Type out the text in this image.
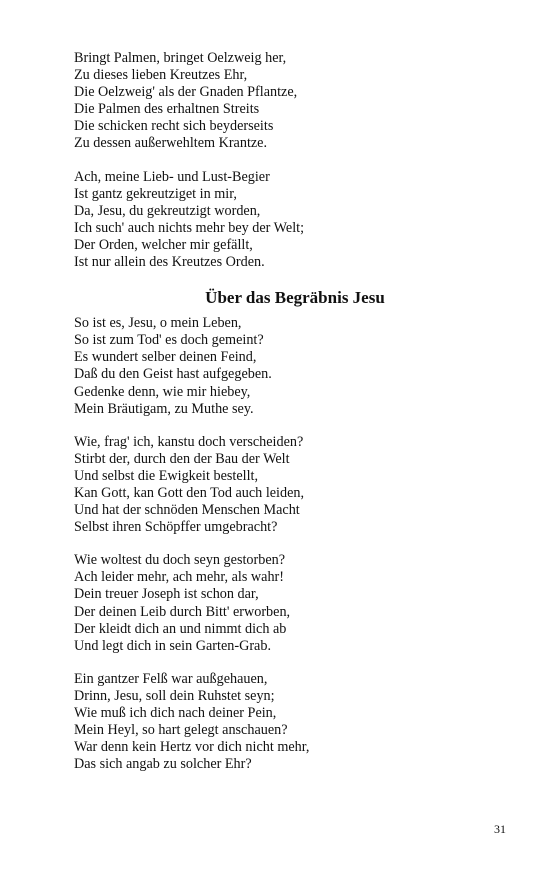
Bringt Palmen, bringet Oelzweig her,
Zu dieses lieben Kreutzes Ehr,
Die Oelzweig' als der Gnaden Pflantze,
Die Palmen des erhaltnen Streits
Die schicken recht sich beyderseits
Zu dessen außerwehltem Krantze.
Ach, meine Lieb- und Lust-Begier
Ist gantz gekreutziget in mir,
Da, Jesu, du gekreutzigt worden,
Ich such' auch nichts mehr bey der Welt;
Der Orden, welcher mir gefällt,
Ist nur allein des Kreutzes Orden.
Über das Begräbnis Jesu
So ist es, Jesu, o mein Leben,
So ist zum Tod' es doch gemeint?
Es wundert selber deinen Feind,
Daß du den Geist hast aufgegeben.
Gedenke denn, wie mir hiebey,
Mein Bräutigam, zu Muthe sey.
Wie, frag' ich, kanstu doch verscheiden?
Stirbt der, durch den der Bau der Welt
Und selbst die Ewigkeit bestellt,
Kan Gott, kan Gott den Tod auch leiden,
Und hat der schnöden Menschen Macht
Selbst ihren Schöpffer umgebracht?
Wie woltest du doch seyn gestorben?
Ach leider mehr, ach mehr, als wahr!
Dein treuer Joseph ist schon dar,
Der deinen Leib durch Bitt' erworben,
Der kleidt dich an und nimmt dich ab
Und legt dich in sein Garten-Grab.
Ein gantzer Felß war außgehauen,
Drinn, Jesu, soll dein Ruhstet seyn;
Wie muß ich dich nach deiner Pein,
Mein Heyl, so hart gelegt anschauen?
War denn kein Hertz vor dich nicht mehr,
Das sich angab zu solcher Ehr?
31
